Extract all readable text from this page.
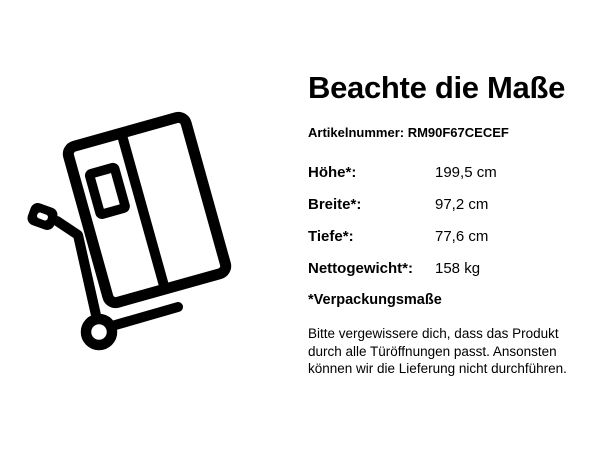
Beachte die Maße
Artikelnummer: RM90F67CECEF
Höhe*:	199,5 cm
Breite*:	97,2 cm
Tiefe*:	77,6 cm
Nettogewicht*:	158 kg
*Verpackungsmaße
Bitte vergewissere dich, dass das Produkt
durch alle Türöffnungen passt. Ansonsten
können wir die Lieferung nicht durchführen.
